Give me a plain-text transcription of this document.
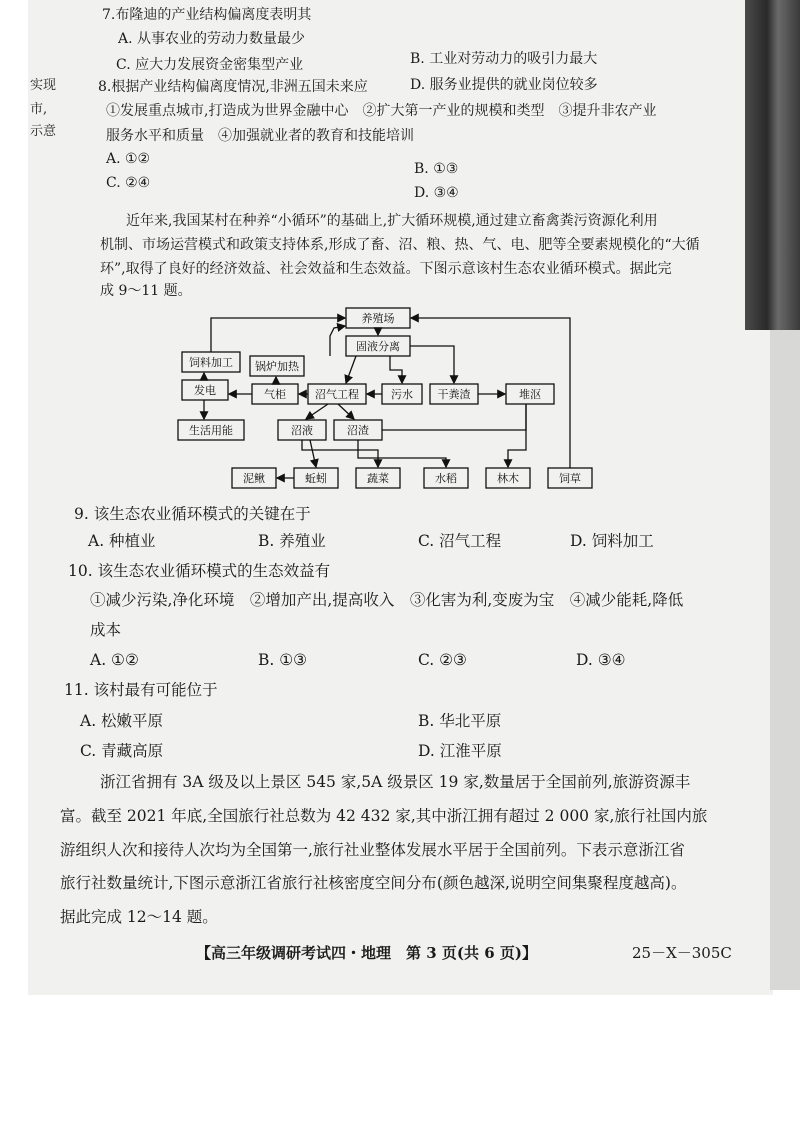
实现
市,
示意
7.布隆迪的产业结构偏离度表明其
A. 从事农业的劳动力数量最少
B. 工业对劳动力的吸引力最大
C. 应大力发展资金密集型产业
D. 服务业提供的就业岗位较多
8.根据产业结构偏离度情况,非洲五国未来应
①发展重点城市,打造成为世界金融中心　②扩大第一产业的规模和类型　③提升非农产业
服务水平和质量　④加强就业者的教育和技能培训
A. ①②
B. ①③
C. ②④
D. ③④
近年来,我国某村在种养“小循环”的基础上,扩大循环规模,通过建立畜禽粪污资源化利用
机制、市场运营模式和政策支持体系,形成了畜、沼、粮、热、气、电、肥等全要素规模化的“大循
环”,取得了良好的经济效益、社会效益和生态效益。下图示意该村生态农业循环模式。据此完
成 9～11 题。
养殖场
固液分离
饲料加工 锅炉加热
发电	气柜	沼气工程	污水 干粪渣	堆沤
生活用能	沼液	沼渣
泥鳅	蚯蚓	蔬菜	水稻	林木	饲草
9. 该生态农业循环模式的关键在于
A. 种植业	B. 养殖业	C. 沼气工程	D. 饲料加工
10. 该生态农业循环模式的生态效益有
①减少污染,净化环境　②增加产出,提高收入　③化害为利,变废为宝　④减少能耗,降低
成本
A. ①②	B. ①③	C. ②③	D. ③④
11. 该村最有可能位于
A. 松嫩平原	B. 华北平原
C. 青藏高原	D. 江淮平原
浙江省拥有 3A 级及以上景区 545 家,5A 级景区 19 家,数量居于全国前列,旅游资源丰
富。截至 2021 年底,全国旅行社总数为 42 432 家,其中浙江拥有超过 2 000 家,旅行社国内旅
游组织人次和接待人次均为全国第一,旅行社业整体发展水平居于全国前列。下表示意浙江省
旅行社数量统计,下图示意浙江省旅行社核密度空间分布(颜色越深,说明空间集聚程度越高)。
据此完成 12～14 题。
【高三年级调研考试四・地理　第 3 页(共 6 页)】	25－X－305C
